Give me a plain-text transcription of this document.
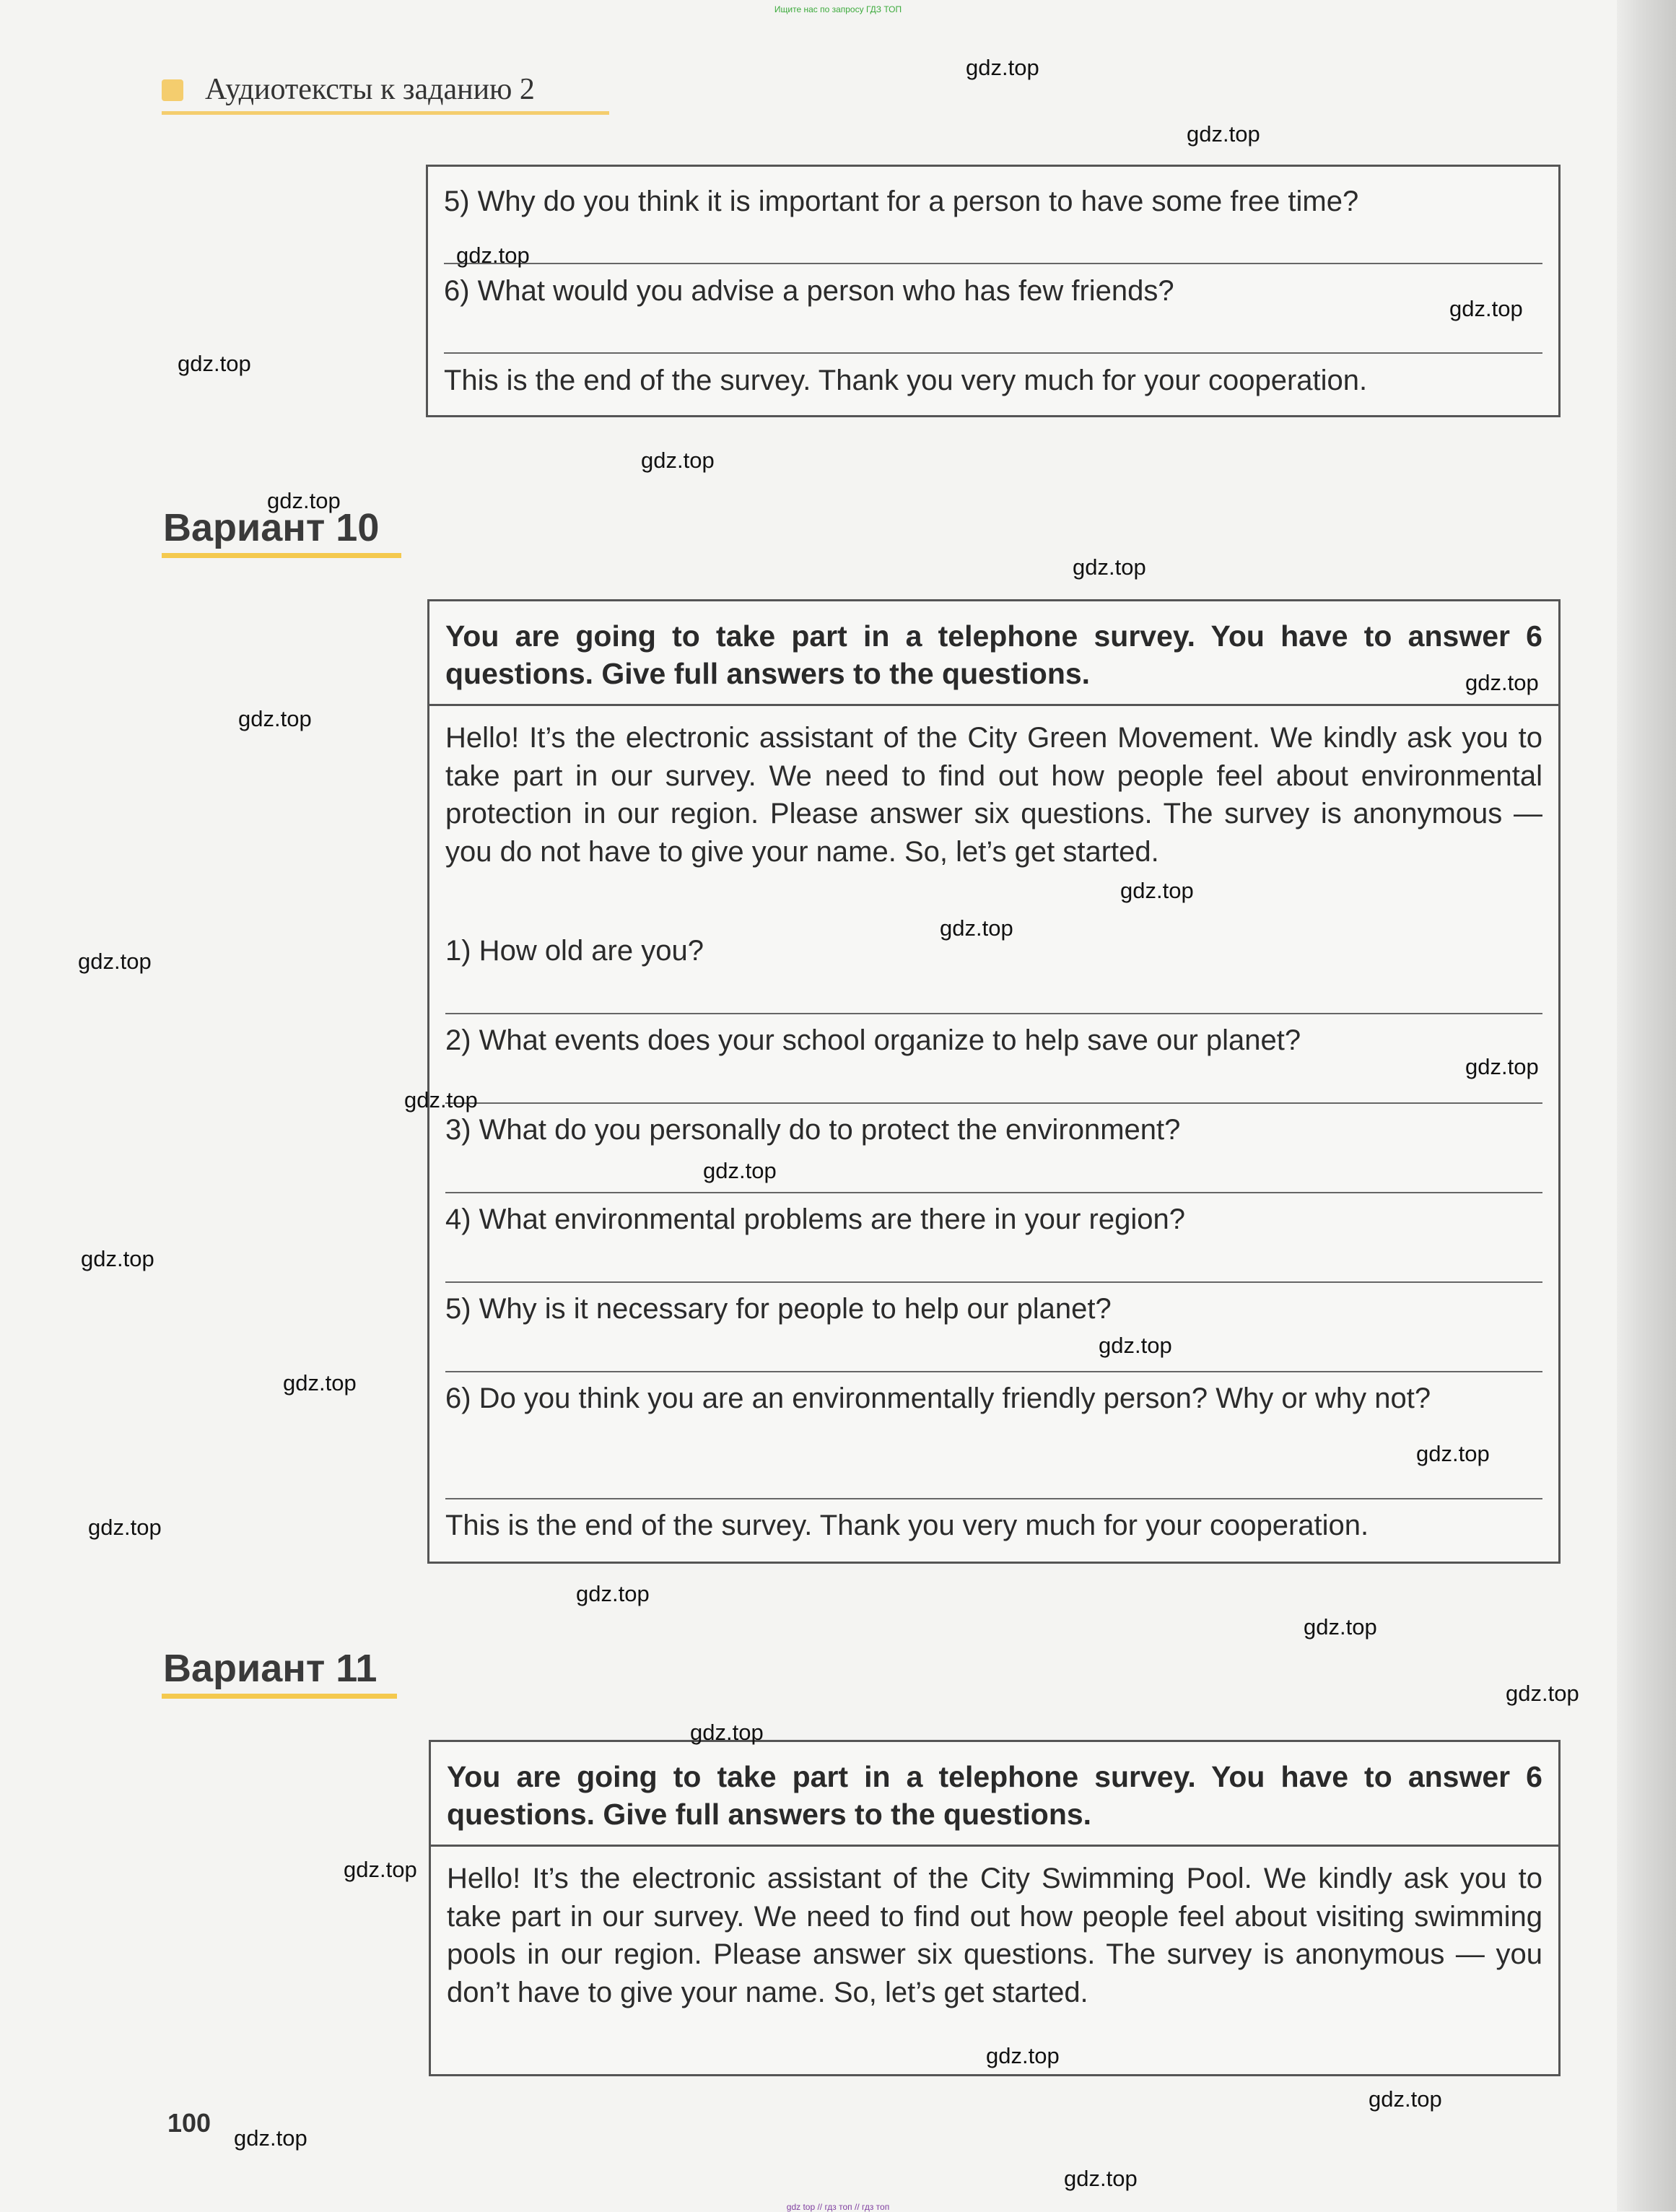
Ищите нас по запросу ГДЗ ТОП
Аудиотексты к заданию 2
5) Why do you think it is important for a person to have some free time?
6) What would you advise a person who has few friends?
This is the end of the survey. Thank you very much for your cooperation.
Вариант 10
You are going to take part in a telephone survey. You have to answer 6 questions. Give full answers to the questions.
Hello! It’s the electronic assistant of the City Green Movement. We kindly ask you to take part in our survey. We need to find out how people feel about environmental protection in our region. Please answer six questions. The survey is anonymous — you do not have to give your name. So, let’s get started.
1) How old are you?
2) What events does your school organize to help save our planet?
3) What do you personally do to protect the environment?
4) What environmental problems are there in your region?
5) Why is it necessary for people to help our planet?
6) Do you think you are an environmentally friendly person? Why or why not?
This is the end of the survey. Thank you very much for your cooperation.
Вариант 11
You are going to take part in a telephone survey. You have to answer 6 questions. Give full answers to the questions.
Hello! It’s the electronic assistant of the City Swimming Pool. We kindly ask you to take part in our survey. We need to find out how people feel about visiting swimming pools in our region. Please answer six questions. The survey is anonymous — you don’t have to give your name. So, let’s get started.
100
gdz.top
gdz.top
gdz.top
gdz.top
gdz.top
gdz.top
gdz.top
gdz.top
gdz.top
gdz.top
gdz.top
gdz.top
gdz.top
gdz.top
gdz.top
gdz.top
gdz.top
gdz.top
gdz.top
gdz.top
gdz.top
gdz.top
gdz.top
gdz.top
gdz.top
gdz.top
gdz.top
gdz.top
gdz.top
gdz.top
gdz top // гдз топ // гдз топ
